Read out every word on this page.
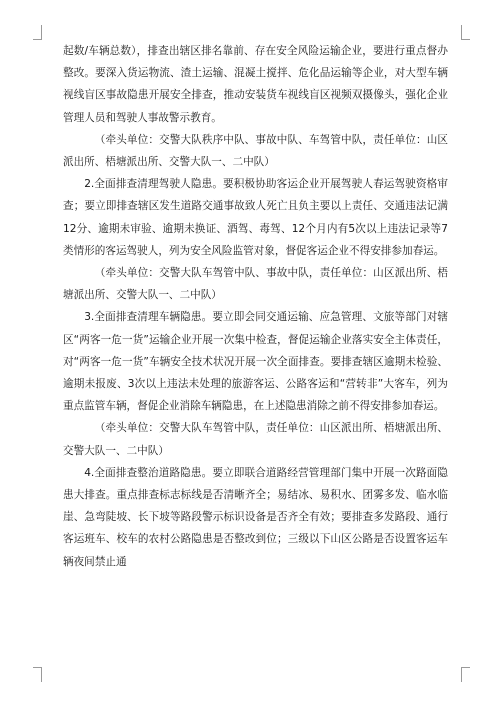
起数/车辆总数），排查出辖区排名靠前、存在安全风险运输企业，要进行重点督办整改。要深入货运物流、渣土运输、混凝土搅拌、危化品运输等企业，对大型车辆视线盲区事故隐患开展安全排查，推动安装货车视线盲区视频双摄像头，强化企业管理人员和驾驶人事故警示教育。

（牵头单位：交警大队秩序中队、事故中队、车驾管中队，责任单位：山区派出所、梧塘派出所、交警大队一、二中队）

2.全面排查清理驾驶人隐患。要积极协助客运企业开展驾驶人春运驾驶资格审查；要立即排查辖区发生道路交通事故致人死亡且负主要以上责任、交通违法记满12分、逾期未审验、逾期未换证、酒驾、毒驾、12个月内有5次以上违法记录等7类情形的客运驾驶人，列为安全风险监管对象，督促客运企业不得安排参加春运。

（牵头单位：交警大队车驾管中队、事故中队，责任单位：山区派出所、梧塘派出所、交警大队一、二中队）

3.全面排查清理车辆隐患。要立即会同交通运输、应急管理、文旅等部门对辖区“两客一危一货”运输企业开展一次集中检查，督促运输企业落实安全主体责任，对“两客一危一货”车辆安全技术状况开展一次全面排查。要排查辖区逾期未检验、逾期未报废、3次以上违法未处理的旅游客运、公路客运和“营转非”大客车，列为重点监管车辆，督促企业消除车辆隐患，在上述隐患消除之前不得安排参加春运。

（牵头单位：交警大队车驾管中队，责任单位：山区派出所、梧塘派出所、交警大队一、二中队）

4.全面排查整治道路隐患。要立即联合道路经营管理部门集中开展一次路面隐患大排查。重点排查标志标线是否清晰齐全；易结冰、易积水、团雾多发、临水临崖、急弯陡坡、长下坡等路段警示标识设备是否齐全有效；要排查多发路段、通行客运班车、校车的农村公路隐患是否整改到位；三级以下山区公路是否设置客运车辆夜间禁止通
